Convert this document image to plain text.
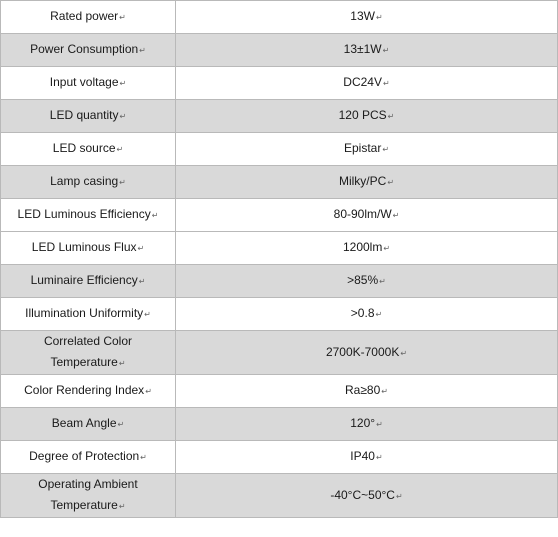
Rated power↵	13W↵
Power Consumption↵	13±1W↵
Input voltage↵	DC24V↵
LED quantity↵	120 PCS↵
LED source↵	Epistar↵
Lamp casing↵	Milky/PC↵
LED Luminous Efficiency↵	80-90lm/W↵
LED Luminous Flux↵	1200lm↵
Luminaire Efficiency↵	>85%↵
Illumination Uniformity↵	>0.8↵
Correlated Color Temperature↵	2700K-7000K↵
Color Rendering Index↵	Ra≥80↵
Beam Angle↵	120°↵
Degree of Protection↵	IP40↵
Operating Ambient Temperature↵	-40°C~50°C↵
